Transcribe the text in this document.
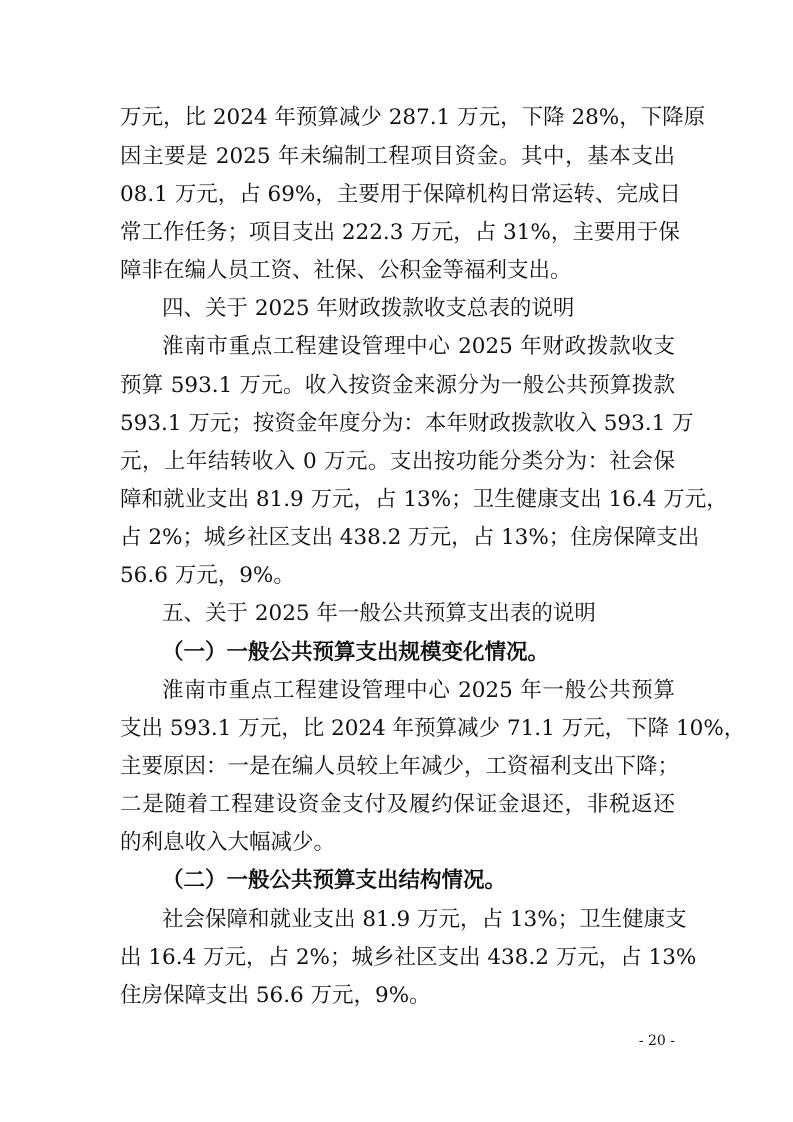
万元，比 2024 年预算减少 287.1 万元，下降 28%，下降原
因主要是 2025 年未编制工程项目资金。其中，基本支出
08.1 万元，占 69%，主要用于保障机构日常运转、完成日
常工作任务；项目支出 222.3 万元，占 31%，主要用于保
障非在编人员工资、社保、公积金等福利支出。
四、关于 2025 年财政拨款收支总表的说明
淮南市重点工程建设管理中心 2025 年财政拨款收支
预算 593.1 万元。收入按资金来源分为一般公共预算拨款
593.1 万元；按资金年度分为：本年财政拨款收入 593.1 万
元，上年结转收入 0 万元。支出按功能分类分为：社会保
障和就业支出 81.9 万元，占 13%；卫生健康支出 16.4 万元，
占 2%；城乡社区支出 438.2 万元，占 13%；住房保障支出
56.6 万元，9%。
五、关于 2025 年一般公共预算支出表的说明
（一）一般公共预算支出规模变化情况。
淮南市重点工程建设管理中心 2025 年一般公共预算
支出 593.1 万元，比 2024 年预算减少 71.1 万元，下降 10%，
主要原因：一是在编人员较上年减少，工资福利支出下降；
二是随着工程建设资金支付及履约保证金退还，非税返还
的利息收入大幅减少。
（二）一般公共预算支出结构情况。
社会保障和就业支出 81.9 万元，占 13%；卫生健康支
出 16.4 万元，占 2%；城乡社区支出 438.2 万元，占 13%
住房保障支出 56.6 万元，9%。
- 20 -
